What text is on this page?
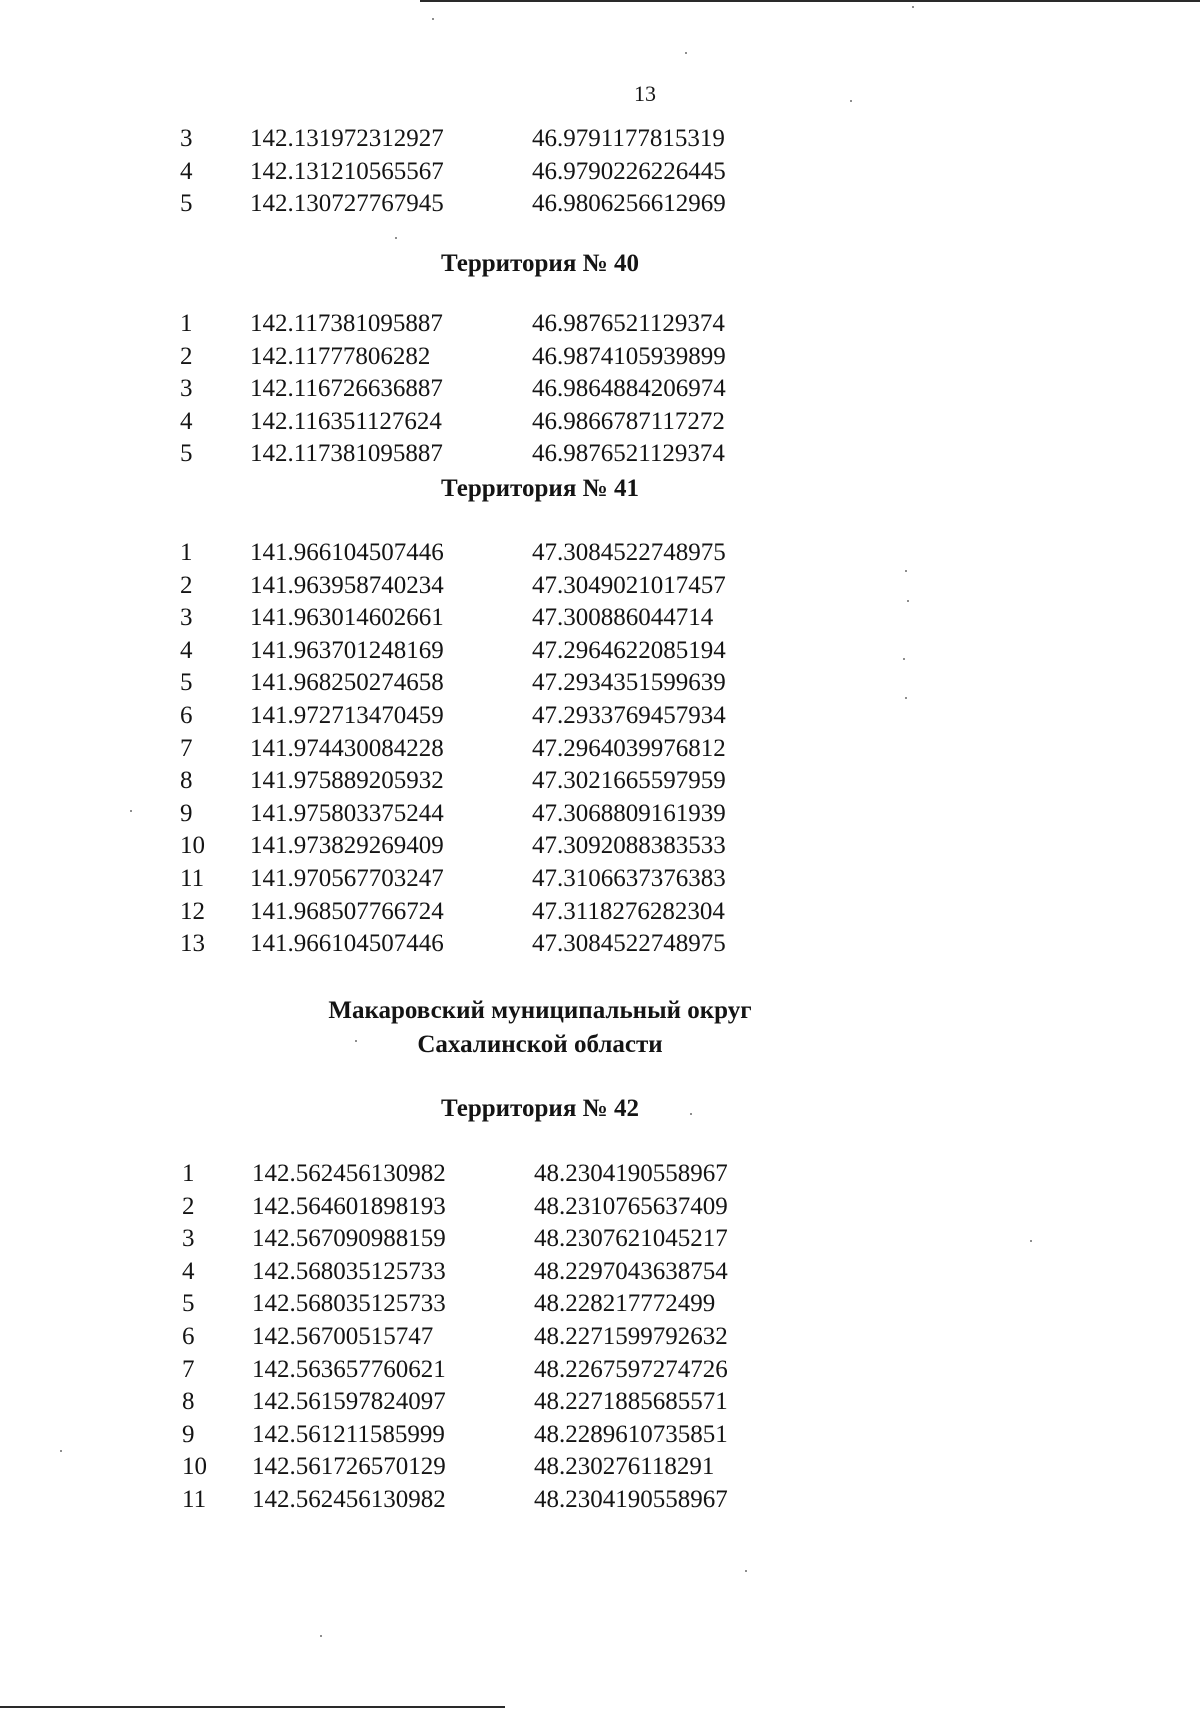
13
3 142.131972312927	46.9791177815319
4 142.131210565567	46.9790226226445
5 142.130727767945	46.9806256612969
Территория № 40
1 142.117381095887	46.9876521129374
2 142.11777806282	46.9874105939899
3 142.116726636887	46.9864884206974
4 142.116351127624	46.9866787117272
5 142.117381095887	46.9876521129374
Территория № 41
1 141.966104507446	47.3084522748975
2 141.963958740234	47.3049021017457
3 141.963014602661	47.300886044714
4 141.963701248169	47.2964622085194
5 141.968250274658	47.2934351599639
6 141.972713470459	47.2933769457934
7 141.974430084228	47.2964039976812
8 141.975889205932	47.3021665597959
9 141.975803375244	47.3068809161939
10 141.973829269409	47.3092088383533
11 141.970567703247	47.3106637376383
12 141.968507766724	47.3118276282304
13 141.966104507446	47.3084522748975
Макаровский муниципальный округ
Сахалинской области
Территория № 42
1 142.562456130982	48.2304190558967
2 142.564601898193	48.2310765637409
3 142.567090988159	48.2307621045217
4 142.568035125733	48.2297043638754
5 142.568035125733	48.228217772499
6 142.56700515747	48.2271599792632
7 142.563657760621	48.2267597274726
8 142.561597824097	48.2271885685571
9 142.561211585999	48.2289610735851
10 142.561726570129	48.230276118291
11 142.562456130982	48.2304190558967
